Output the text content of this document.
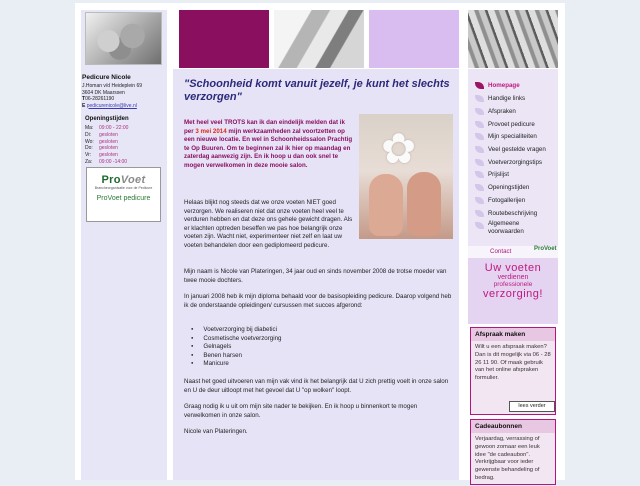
Pedicure Nicole
J.Homan v/d Heideplein 69
3604 DK Maarssen
T06-28261190
E pedicurenicole@live.nl
Openingstijden
Ma: 09:00 - 22:00
Di: gesloten
Wo: gesloten
Do: gesloten
Vr: gesloten
Za: 09:00 -14:00
ProVoet
Brancheorganisatie voor de Pedicure
ProVoet pedicure
"Schoonheid komt vanuit jezelf, je kunt het slechts verzorgen"
Met heel veel TROTS kan ik dan eindelijk melden dat ik per 3 mei 2014 mijn werkzaamheden zal voortzetten op een nieuwe locatie. En wel in Schoonheidssalon Prachtig te Op Buuren. Om te beginnen zal ik hier op maandag en zaterdag aanwezig zijn. En ik hoop u dan ook snel te mogen verwelkomen in deze mooie salon.	✿
Helaas blijkt nog steeds dat we onze voeten NIET goed verzorgen. We realiseren niet dat onze voeten heel veel te verduren hebben en dat deze ons gehele gewicht dragen. Als er klachten optreden beseffen we pas hoe belangrijk onze voeten zijn. Wacht niet, experimenteer niet zelf en laat uw voeten behandelen door een gediplomeerd pedicure.
Mijn naam is Nicole van Plateringen, 34 jaar oud en sinds november 2008 de trotse moeder van twee mooie dochters.
In januari 2008 heb ik mijn diploma behaald voor de basisopleiding pedicure. Daarop volgend heb ik de onderstaande opleidingen/ cursussen met succes afgerond:
● Voetverzorging bij diabetici
● Cosmetische voetverzorging
● Gelnagels
● Benen harsen
● Manicure
Naast het goed uitvoeren van mijn vak vind ik het belangrijk dat U zich prettig voelt in onze salon en U de deur uitloopt met het gevoel dat U "op wolken" loopt.
Graag nodig ik u uit om mijn site nader te bekijken. En ik hoop u binnenkort te mogen verwelkomen in onze salon.
Nicole van Plateringen.
Homepage
Handige links
Afspraken
Provoet pedicure
Mijn specialiteiten
Veel gestelde vragen
Voetverzorgingstips
Prijslijst
Openingstijden
Fotogallerijen
Routebeschrijving
Algemeene
voorwaarden
Contact	ProVoet
Uw voeten
verdienen
professionele
verzorging!
Afspraak maken
Wilt u een afspraak maken? Dan is dit mogelijk via 06 - 28 26 11 90. Of maak gebruik van het online afspraken formulier.
lees verder
Cadeaubonnen
Verjaardag, verrassing of gewoon zomaar een leuk idee "de cadeaubon". Verkrijgbaar voor ieder gewenste behandeling of bedrag.
